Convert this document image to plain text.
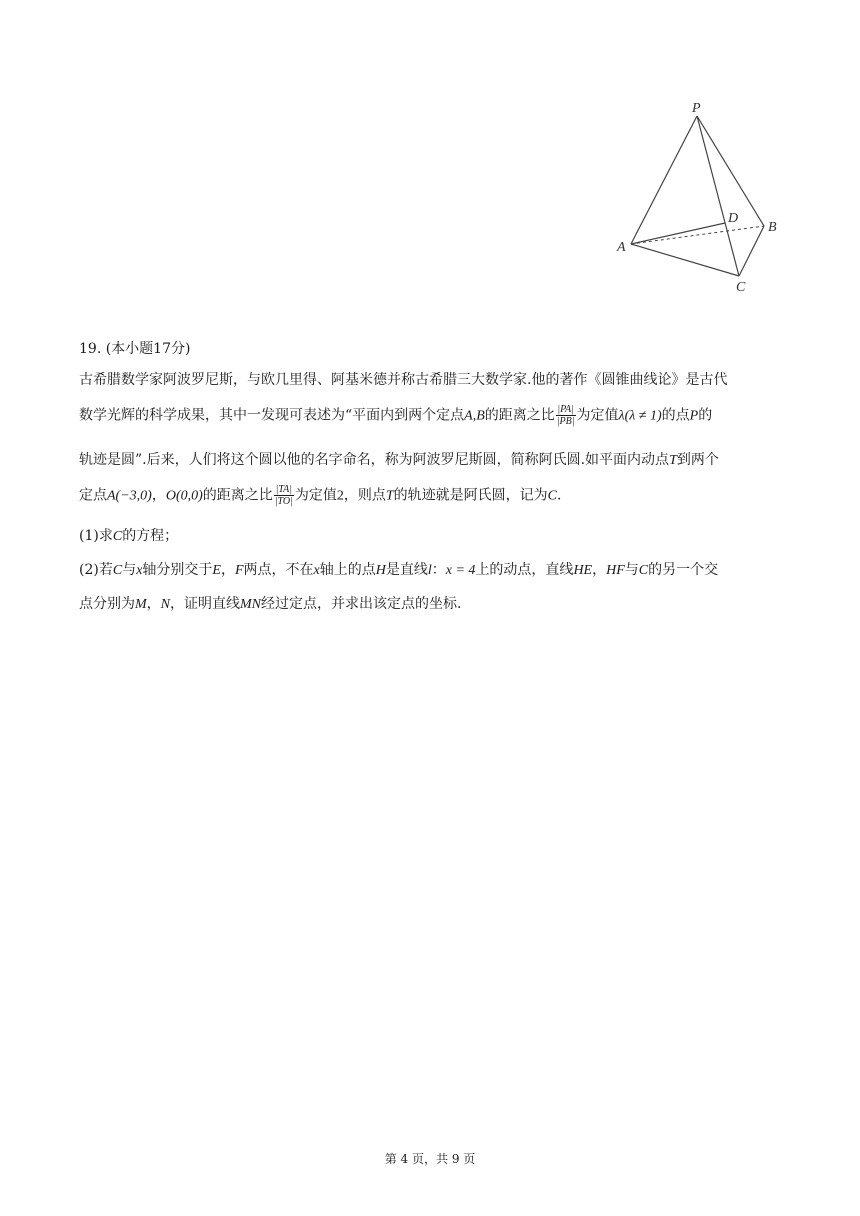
P
D
B
A
C
19. (本小题17分)
古希腊数学家阿波罗尼斯，与欧几里得、阿基米德并称古希腊三大数学家.他的著作《圆锥曲线论》是古代
数学光辉的科学成果，其中一发现可表述为“平面内到两个定点A,B的距离之比 $\frac{|PA|}{|PB|}$ 为定值λ(λ ≠ 1)的点P的
轨迹是圆”.后来，人们将这个圆以他的名字命名，称为阿波罗尼斯圆，简称阿氏圆.如平面内动点T到两个
定点A(−3,0)，O(0,0)的距离之比 $\frac{|TA|}{|TO|}$ 为定值2，则点T的轨迹就是阿氏圆，记为C.
(1)求C的方程；
(2)若C与x轴分别交于E，F两点，不在x轴上的点H是直线l：x = 4上的动点，直线HE，HF与C的另一个交
点分别为M，N，证明直线MN经过定点，并求出该定点的坐标.
第 4 页，共 9 页
